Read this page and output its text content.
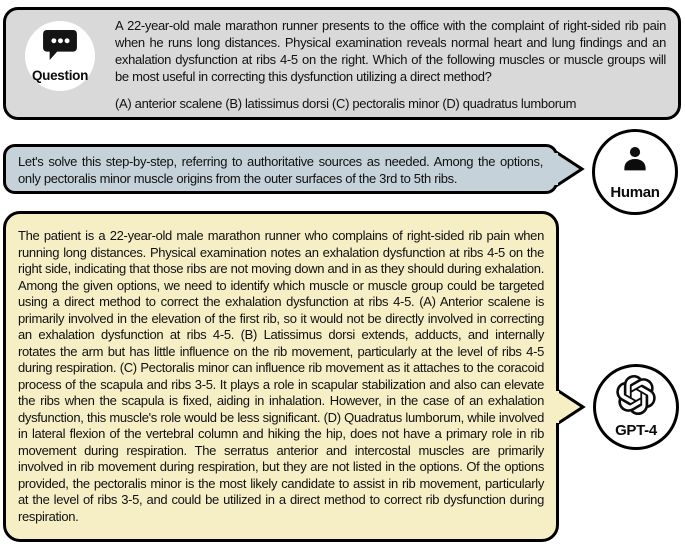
A 22-year-old male marathon runner presents to the office with the complaint of right-sided rib pain when he runs long distances. Physical examination reveals normal heart and lung findings and an exhalation dysfunction at ribs 4-5 on the right. Which of the following muscles or muscle groups will be most useful in correcting this dysfunction utilizing a direct method?
(A) anterior scalene (B) latissimus dorsi (C) pectoralis minor (D) quadratus lumborum
Question
Let's solve this step-by-step, referring to authoritative sources as needed. Among the options, only pectoralis minor muscle origins from the outer surfaces of the 3rd to 5th ribs.
Human
The patient is a 22-year-old male marathon runner who complains of right-sided rib pain when running long distances. Physical examination notes an exhalation dysfunction at ribs 4-5 on the right side, indicating that those ribs are not moving down and in as they should during exhalation. Among the given options, we need to identify which muscle or muscle group could be targeted using a direct method to correct the exhalation dysfunction at ribs 4-5. (A) Anterior scalene is primarily involved in the elevation of the first rib, so it would not be directly involved in correcting an exhalation dysfunction at ribs 4-5. (B) Latissimus dorsi extends, adducts, and internally rotates the arm but has little influence on the rib movement, particularly at the level of ribs 4-5 during respiration. (C) Pectoralis minor can influence rib movement as it attaches to the coracoid process of the scapula and ribs 3-5. It plays a role in scapular stabilization and also can elevate the ribs when the scapula is fixed, aiding in inhalation. However, in the case of an exhalation dysfunction, this muscle's role would be less significant. (D) Quadratus lumborum, while involved in lateral flexion of the vertebral column and hiking the hip, does not have a primary role in rib movement during respiration. The serratus anterior and intercostal muscles are primarily involved in rib movement during respiration, but they are not listed in the options. Of the options provided, the pectoralis minor is the most likely candidate to assist in rib movement, particularly at the level of ribs 3-5, and could be utilized in a direct method to correct rib dysfunction during respiration.
GPT-4
